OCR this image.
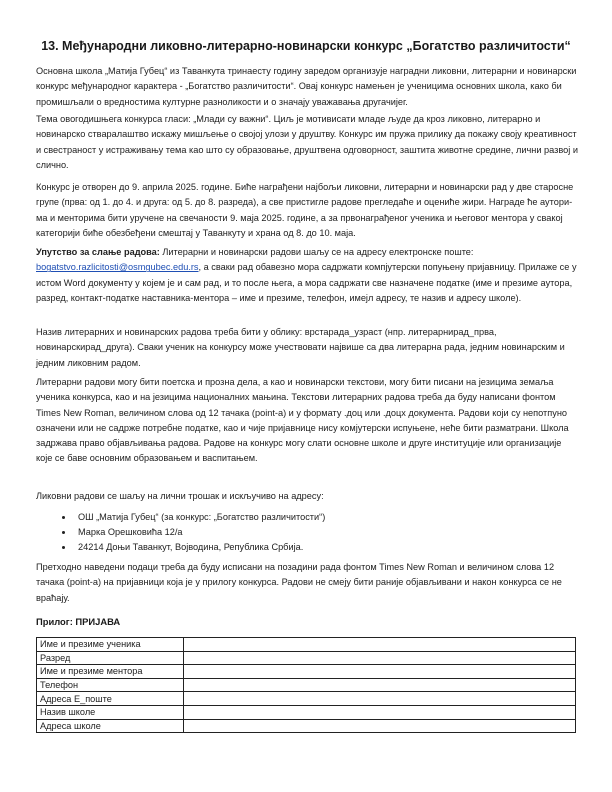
13. Међународни ликовно-литерарно-новинарски конкурс „Богатство различитости“

Основна школа „Матија Губец“ из Таванкута тринаесту годину заредом организује наградни ликовни, литерарни и новинарски конкурс међународног карактера - „Богатство различитости“. Овај конкурс намењен је ученицима основних школа, како би промишљали о вредностима културне разноликости и о значају уважавања другачијег.

Тема овогодишњега конкурса гласи: „Млади су важни“. Циљ је мотивисати младе људе да кроз ликовно, литерарно и новинарско стваралаштво искажу мишљење о својој улози у друштву. Конкурс им пружа прилику да покажу своју креативност и свестраност у истраживању тема као што су образовање, друштвена одговорност, заштита животне средине, лични развој и слично.

Конкурс је отворен до 9. априла 2025. године. Биће награђени најбољи ликовни, литерарни и новинарски рад у две старосне групе (прва: од 1. до 4. и друга: од 5. до 8. разреда), а све пристигле радове прегледаће и оцениће жири. Награде ће ауторима и менторима бити уручене на свечаности 9. маја 2025. године, а за првонаграђеног ученика и његовог ментора у свакој категорији биће обезбеђени смештај у Таванкуту и храна од 8. до 10. маја.

Упутство за слање радова: Литерарни и новинарски радови шаљу се на адресу електронске поште: bogatstvo.razlicitosti@osmgubec.edu.rs, а сваки рад обавезно мора садржати компјутерски попуњену пријавницу. Прилаже се у истом Word документу у којем је и сам рад, и то после њега, а мора садржати све назначене податке (име и презиме аутора, разред, контакт-податке наставника-ментора – име и презиме, телефон, имејл адресу, те назив и адресу школе).

Назив литерарних и новинарских радова треба бити у облику: врстарада_узраст (нпр. литерарнирад_прва, новинарскирад_друга). Сваки ученик на конкурсу може учествовати највише са два литерарна рада, једним новинарским и једним ликовним радом.

Литерарни радови могу бити поетска и прозна дела, а као и новинарски текстови, могу бити писани на језицима земаља ученика конкурса, као и на језицима националних мањина. Текстови литерарних радова треба да буду написани фонтом Times New Roman, величином слова од 12 тачака (point-а) и у формату .доц или .доцх документа. Радови који су непотпуно означени или не садрже потребне податке, као и чије пријавнице нису комјутерски испуњене, неће бити разматрани. Школа задржава право објављивања радова. Радове на конкурс могу слати основне школе и друге институције или организације које се баве основним образовањем и васпитањем.

Ликовни радови се шаљу на лични трошак и искључиво на адресу:

• ОШ „Матија Губец“ (за конкурс: „Богатство различитости“)
• Марка Орешковића 12/а
• 24214 Доњи Таванкут, Војводина, Република Србија.

Претходно наведени подаци треба да буду исписани на позадини рада фонтом Times New Roman и величином слова 12 тачака (point-а) на пријавници која је у прилогу конкурса. Радови не смеју бити раније објављивани и након конкурса се не враћају.

Прилог: ПРИЈАВА
Име и презиме ученика	
Разред	
Име и презиме ментора	
Телефон	
Адреса Е_поште	
Назив школе	
Адреса школе	
